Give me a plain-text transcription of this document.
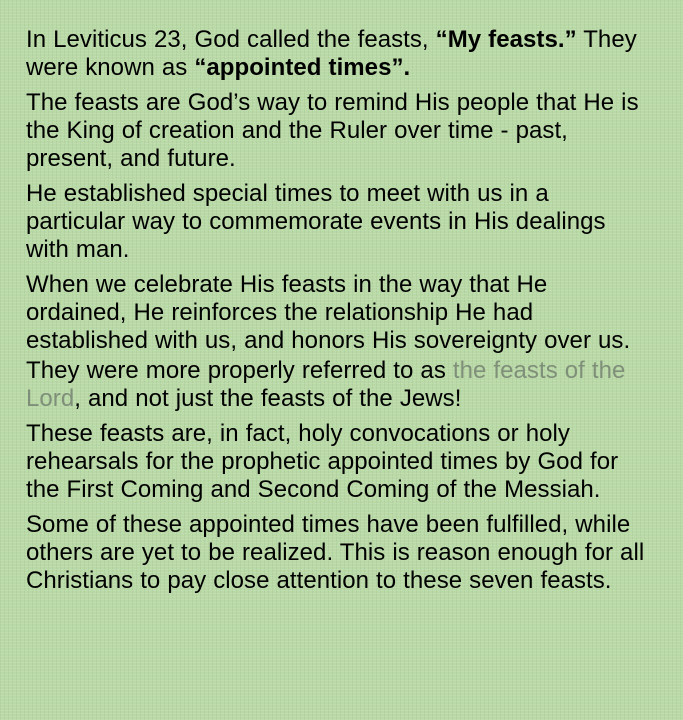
In Leviticus 23, God called the feasts, “My feasts.” They were known as “appointed times”.

The feasts are God’s way to remind His people that He is the King of creation and the Ruler over time - past, present, and future.

He established special times to meet with us in a particular way to commemorate events in His dealings with man.

When we celebrate His feasts in the way that He ordained, He reinforces the relationship He had established with us, and honors His sovereignty over us.

They were more properly referred to as the feasts of the Lord, and not just the feasts of the Jews!

These feasts are, in fact, holy convocations or holy rehearsals for the prophetic appointed times by God for the First Coming and Second Coming of the Messiah.

Some of these appointed times have been fulfilled, while others are yet to be realized. This is reason enough for all Christians to pay close attention to these seven feasts.
